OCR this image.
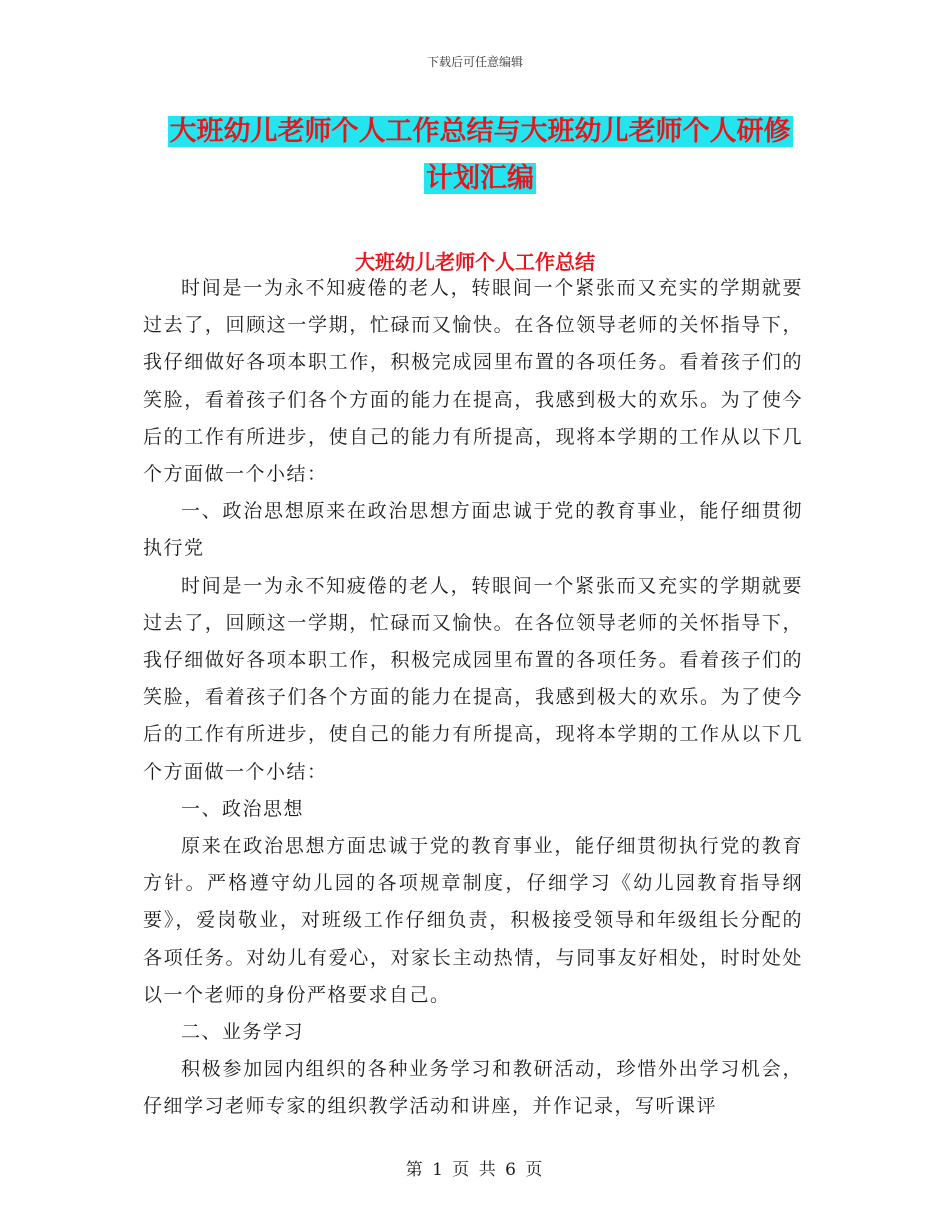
下载后可任意编辑
大班幼儿老师个人工作总结与大班幼儿老师个人研修
计划汇编
大班幼儿老师个人工作总结

时间是一为永不知疲倦的老人，转眼间一个紧张而又充实的学期就要过去了，回顾这一学期，忙碌而又愉快。在各位领导老师的关怀指导下，我仔细做好各项本职工作，积极完成园里布置的各项任务。看着孩子们的笑脸，看着孩子们各个方面的能力在提高，我感到极大的欢乐。为了使今后的工作有所进步，使自己的能力有所提高，现将本学期的工作从以下几个方面做一个小结：

一、政治思想原来在政治思想方面忠诚于党的教育事业，能仔细贯彻执行党

时间是一为永不知疲倦的老人，转眼间一个紧张而又充实的学期就要过去了，回顾这一学期，忙碌而又愉快。在各位领导老师的关怀指导下，我仔细做好各项本职工作，积极完成园里布置的各项任务。看着孩子们的笑脸，看着孩子们各个方面的能力在提高，我感到极大的欢乐。为了使今后的工作有所进步，使自己的能力有所提高，现将本学期的工作从以下几个方面做一个小结：

一、政治思想

原来在政治思想方面忠诚于党的教育事业，能仔细贯彻执行党的教育方针。严格遵守幼儿园的各项规章制度，仔细学习《幼儿园教育指导纲要》，爱岗敬业，对班级工作仔细负责，积极接受领导和年级组长分配的各项任务。对幼儿有爱心，对家长主动热情，与同事友好相处，时时处处以一个老师的身份严格要求自己。

二、业务学习

积极参加园内组织的各种业务学习和教研活动，珍惜外出学习机会，仔细学习老师专家的组织教学活动和讲座，并作记录，写听课评

第 1 页 共 6 页
